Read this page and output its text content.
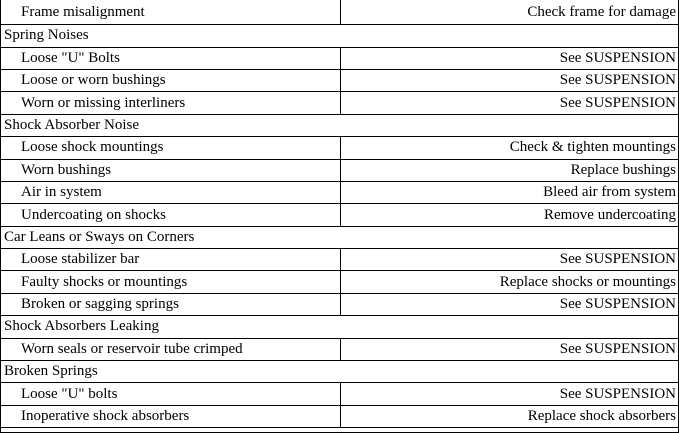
Frame misalignment	Check frame for damage
Spring Noises
Loose "U" Bolts	See SUSPENSION
Loose or worn bushings	See SUSPENSION
Worn or missing interliners	See SUSPENSION
Shock Absorber Noise
Loose shock mountings	Check & tighten mountings
Worn bushings	Replace bushings
Air in system	Bleed air from system
Undercoating on shocks	Remove undercoating
Car Leans or Sways on Corners
Loose stabilizer bar	See SUSPENSION
Faulty shocks or mountings	Replace shocks or mountings
Broken or sagging springs	See SUSPENSION
Shock Absorbers Leaking
Worn seals or reservoir tube crimped	See SUSPENSION
Broken Springs
Loose "U" bolts	See SUSPENSION
Inoperative shock absorbers	Replace shock absorbers
